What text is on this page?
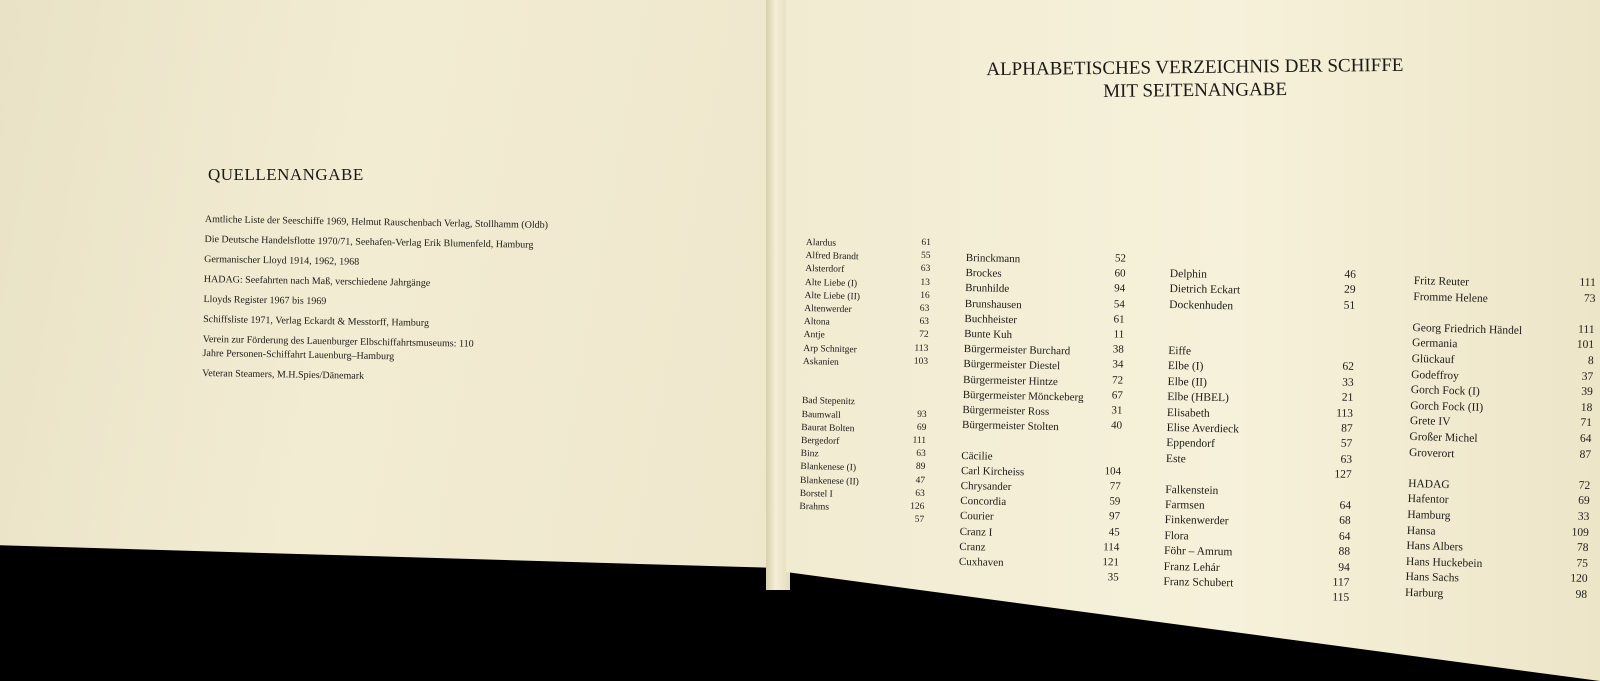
QUELLENANGABE
Amtliche Liste der Seeschiffe 1969, Helmut Rauschenbach Verlag, Stollhamm (Oldb)
Die Deutsche Handelsflotte 1970/71, Seehafen-Verlag Erik Blumenfeld, Hamburg
Germanischer Lloyd 1914, 1962, 1968
HADAG: Seefahrten nach Maß, verschiedene Jahrgänge
Lloyds Register 1967 bis 1969
Schiffsliste 1971, Verlag Eckardt & Messtorff, Hamburg
Verein zur Förderung des Lauenburger Elbschiffahrtsmuseums: 110 Jahre Personen-Schiffahrt Lauenburg–Hamburg
Veteran Steamers, M.H.Spies/Dänemark
ALPHABETISCHES VERZEICHNIS DER SCHIFFE
MIT SEITENANGABE
Alardus
Alfred Brandt
Alsterdorf
Alte Liebe (I)
Alte Liebe (II)
Altenwerder
Altona
Antje
Arp Schnitger
Askanien
Bad Stepenitz
Baumwall
Baurat Bolten
Bergedorf
Binz
Blankenese (I)
Blankenese (II)
Borstel I
Brahms
61
55
63
13
16
63
63
72
113
103
93
69
111
63
89
47
63
126
57
Brinckmann
Brockes
Brunhilde
Brunshausen
Buchheister
Bunte Kuh
Bürgermeister Burchard
Bürgermeister Diestel
Bürgermeister Hintze
Bürgermeister Mönckeberg
Bürgermeister Ross
Bürgermeister Stolten
Cäcilie
Carl Kircheiss
Chrysander
Concordia
Courier
Cranz I
Cranz
Cuxhaven
52
60
94
54
61
11
38
34
72
67
31
40
104
77
59
97
45
114
121
35
Delphin
Dietrich Eckart
Dockenhuden
Eiffe
Elbe (I)
Elbe (II)
Elbe (HBEL)
Elisabeth
Elise Averdieck
Eppendorf
Este
Falkenstein
Farmsen
Finkenwerder
Flora
Föhr – Amrum
Franz Lehár
Franz Schubert
46
29
51
62
33
21
113
87
57
63
127
64
68
64
88
94
117
115
Fritz Reuter
Fromme Helene
Georg Friedrich Händel
Germania
Glückauf
Godeffroy
Gorch Fock (I)
Gorch Fock (II)
Grete IV
Großer Michel
Groverort
HADAG
Hafentor
Hamburg
Hansa
Hans Albers
Hans Huckebein
Hans Sachs
Harburg
111
73
111
101
8
37
39
18
71
64
87
72
69
33
109
78
75
120
98
